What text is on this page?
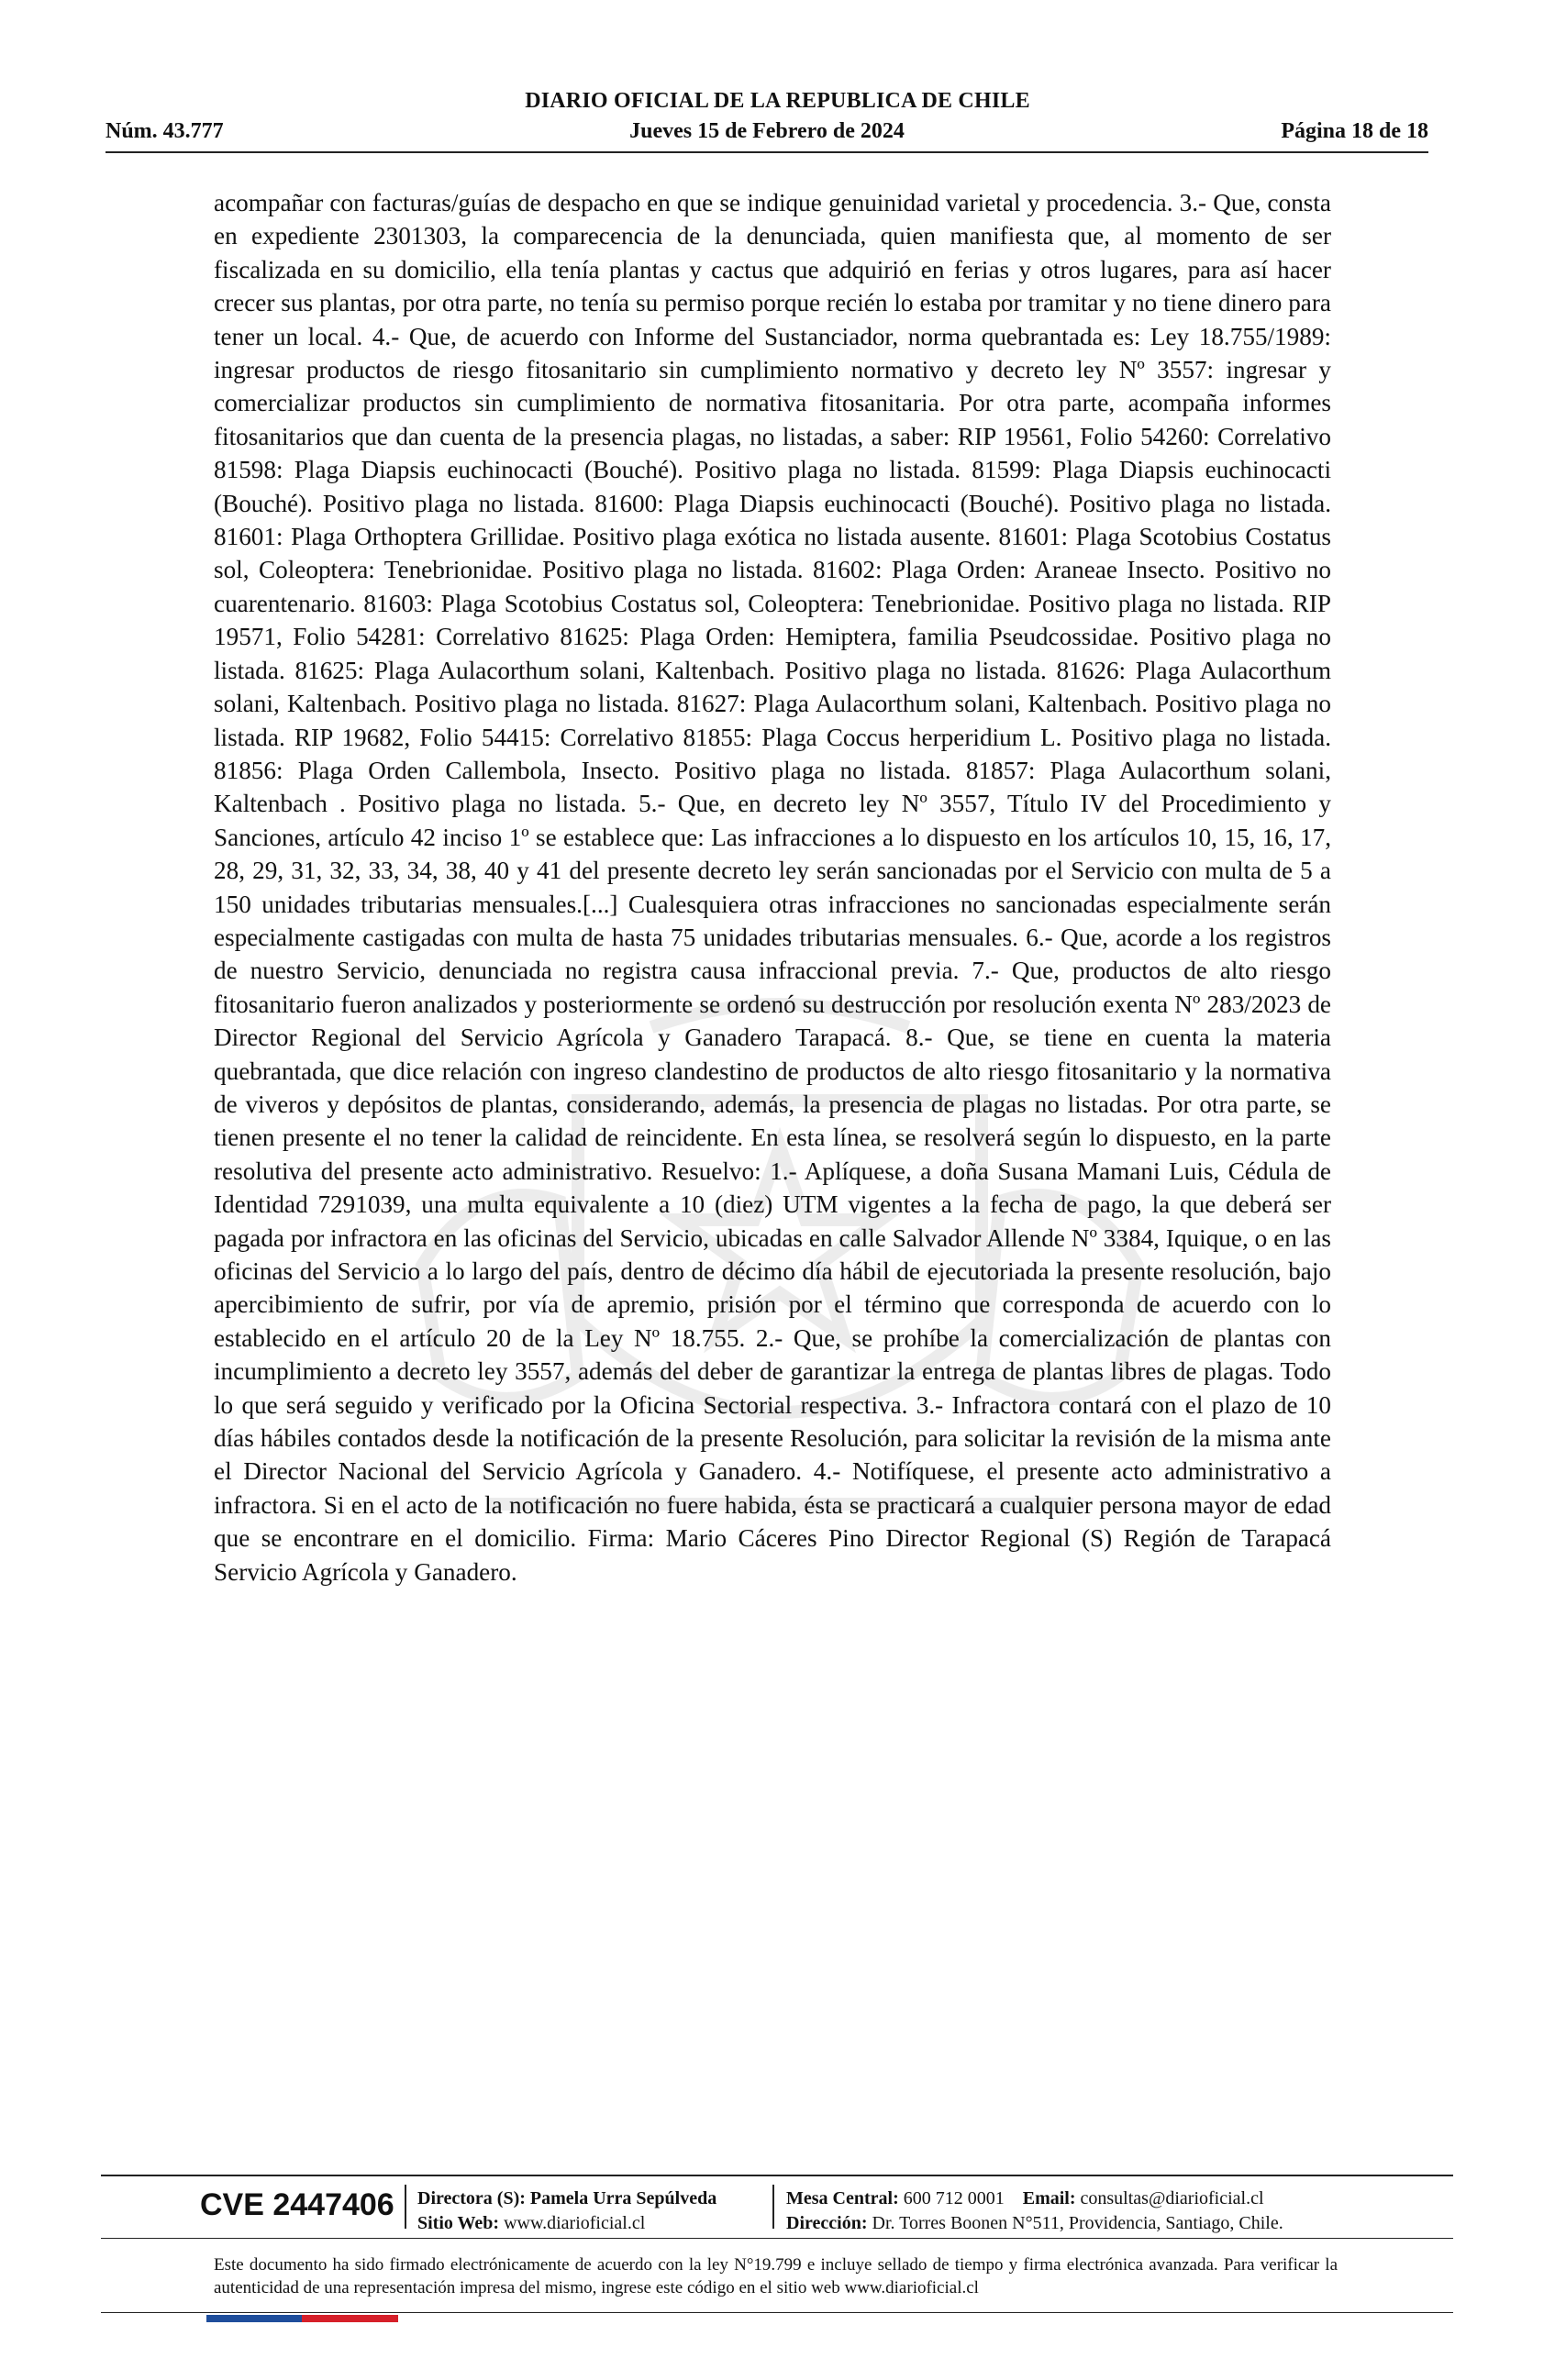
DIARIO OFICIAL DE LA REPUBLICA DE CHILE
Núm. 43.777	Jueves 15 de Febrero de 2024	Página 18 de 18

acompañar con facturas/guías de despacho en que se indique genuinidad varietal y procedencia. 3.- Que, consta en expediente 2301303, la comparecencia de la denunciada, quien manifiesta que, al momento de ser fiscalizada en su domicilio, ella tenía plantas y cactus que adquirió en ferias y otros lugares, para así hacer crecer sus plantas, por otra parte, no tenía su permiso porque recién lo estaba por tramitar y no tiene dinero para tener un local. 4.- Que, de acuerdo con Informe del Sustanciador, norma quebrantada es: Ley 18.755/1989: ingresar productos de riesgo fitosanitario sin cumplimiento normativo y decreto ley Nº 3557: ingresar y comercializar productos sin cumplimiento de normativa fitosanitaria. Por otra parte, acompaña informes fitosanitarios que dan cuenta de la presencia plagas, no listadas, a saber: RIP 19561, Folio 54260: Correlativo 81598: Plaga Diapsis euchinocacti (Bouché). Positivo plaga no listada. 81599: Plaga Diapsis euchinocacti (Bouché). Positivo plaga no listada. 81600: Plaga Diapsis euchinocacti (Bouché). Positivo plaga no listada. 81601: Plaga Orthoptera Grillidae. Positivo plaga exótica no listada ausente. 81601: Plaga Scotobius Costatus sol, Coleoptera: Tenebrionidae. Positivo plaga no listada. 81602: Plaga Orden: Araneae Insecto. Positivo no cuarentenario. 81603: Plaga Scotobius Costatus sol, Coleoptera: Tenebrionidae. Positivo plaga no listada. RIP 19571, Folio 54281: Correlativo 81625: Plaga Orden: Hemiptera, familia Pseudcossidae. Positivo plaga no listada. 81625: Plaga Aulacorthum solani, Kaltenbach. Positivo plaga no listada. 81626: Plaga Aulacorthum solani, Kaltenbach. Positivo plaga no listada. 81627: Plaga Aulacorthum solani, Kaltenbach. Positivo plaga no listada. RIP 19682, Folio 54415: Correlativo 81855: Plaga Coccus herperidium L. Positivo plaga no listada. 81856: Plaga Orden Callembola, Insecto. Positivo plaga no listada. 81857: Plaga Aulacorthum solani, Kaltenbach . Positivo plaga no listada. 5.- Que, en decreto ley Nº 3557, Título IV del Procedimiento y Sanciones, artículo 42 inciso 1º se establece que: Las infracciones a lo dispuesto en los artículos 10, 15, 16, 17, 28, 29, 31, 32, 33, 34, 38, 40 y 41 del presente decreto ley serán sancionadas por el Servicio con multa de 5 a 150 unidades tributarias mensuales.[...] Cualesquiera otras infracciones no sancionadas especialmente serán especialmente castigadas con multa de hasta 75 unidades tributarias mensuales. 6.- Que, acorde a los registros de nuestro Servicio, denunciada no registra causa infraccional previa. 7.- Que, productos de alto riesgo fitosanitario fueron analizados y posteriormente se ordenó su destrucción por resolución exenta Nº 283/2023 de Director Regional del Servicio Agrícola y Ganadero Tarapacá. 8.- Que, se tiene en cuenta la materia quebrantada, que dice relación con ingreso clandestino de productos de alto riesgo fitosanitario y la normativa de viveros y depósitos de plantas, considerando, además, la presencia de plagas no listadas. Por otra parte, se tienen presente el no tener la calidad de reincidente. En esta línea, se resolverá según lo dispuesto, en la parte resolutiva del presente acto administrativo. Resuelvo: 1.- Aplíquese, a doña Susana Mamani Luis, Cédula de Identidad 7291039, una multa equivalente a 10 (diez) UTM vigentes a la fecha de pago, la que deberá ser pagada por infractora en las oficinas del Servicio, ubicadas en calle Salvador Allende Nº 3384, Iquique, o en las oficinas del Servicio a lo largo del país, dentro de décimo día hábil de ejecutoriada la presente resolución, bajo apercibimiento de sufrir, por vía de apremio, prisión por el término que corresponda de acuerdo con lo establecido en el artículo 20 de la Ley Nº 18.755. 2.- Que, se prohíbe la comercialización de plantas con incumplimiento a decreto ley 3557, además del deber de garantizar la entrega de plantas libres de plagas. Todo lo que será seguido y verificado por la Oficina Sectorial respectiva. 3.- Infractora contará con el plazo de 10 días hábiles contados desde la notificación de la presente Resolución, para solicitar la revisión de la misma ante el Director Nacional del Servicio Agrícola y Ganadero. 4.- Notifíquese, el presente acto administrativo a infractora. Si en el acto de la notificación no fuere habida, ésta se practicará a cualquier persona mayor de edad que se encontrare en el domicilio. Firma: Mario Cáceres Pino Director Regional (S) Región de Tarapacá Servicio Agrícola y Ganadero.

CVE 2447406 Directora (S): Pamela Urra Sepúlveda
Sitio Web: www.diarioficial.cl
Mesa Central: 600 712 0001 Email: consultas@diarioficial.cl
Dirección: Dr. Torres Boonen N°511, Providencia, Santiago, Chile.
Este documento ha sido firmado electrónicamente de acuerdo con la ley N°19.799 e incluye sellado de tiempo y firma electrónica avanzada. Para verificar la autenticidad de una representación impresa del mismo, ingrese este código en el sitio web www.diarioficial.cl
